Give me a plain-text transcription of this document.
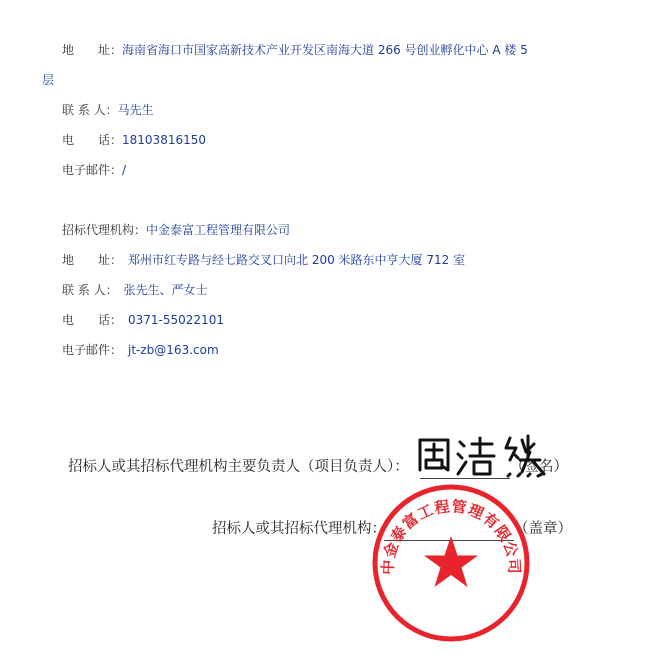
地　　址：海南省海口市国家高新技术产业开发区南海大道 266 号创业孵化中心 A 楼 5
层
联 系 人：马先生
电　　话：18103816150
电子邮件：/
招标代理机构：中金泰富工程管理有限公司
地　　址： 郑州市红专路与经七路交叉口向北 200 米路东中亨大厦 712 室
联 系 人： 张先生、严女士
电　　话： 0371-55022101
电子邮件： jt-zb@163.com
招标人或其招标代理机构主要负责人（项目负责人）：	（签名）
招标人或其招标代理机构：	（盖章）
中金泰富工程管理有限公司
